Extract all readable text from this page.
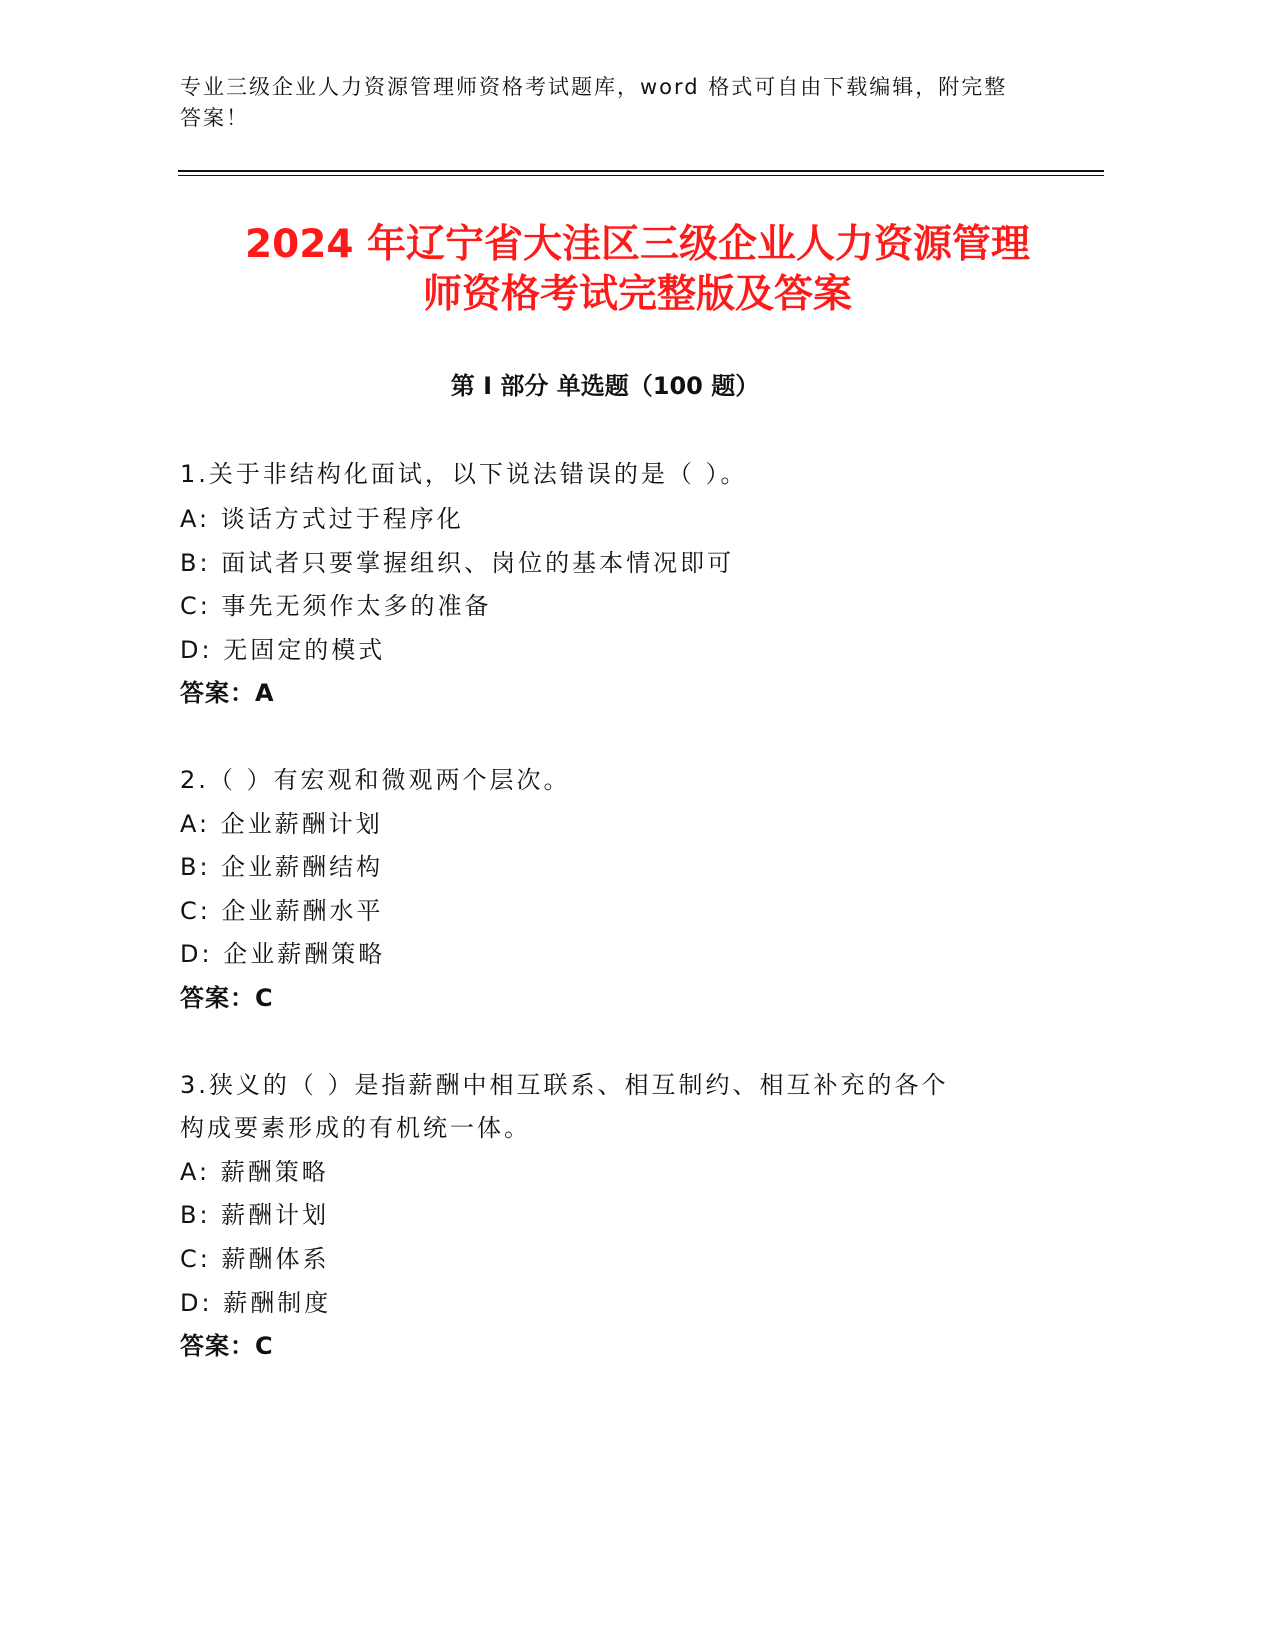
专业三级企业人力资源管理师资格考试题库，word 格式可自由下载编辑，附完整
答案！
2024 年辽宁省大洼区三级企业人力资源管理
师资格考试完整版及答案
第 I 部分 单选题（100 题）
1.关于非结构化面试，以下说法错误的是（ ）。
A: 谈话方式过于程序化
B: 面试者只要掌握组织、岗位的基本情况即可
C: 事先无须作太多的准备
D: 无固定的模式
答案：A
2.（ ）有宏观和微观两个层次。
A: 企业薪酬计划
B: 企业薪酬结构
C: 企业薪酬水平
D: 企业薪酬策略
答案：C
3.狭义的（ ）是指薪酬中相互联系、相互制约、相互补充的各个
构成要素形成的有机统一体。
A: 薪酬策略
B: 薪酬计划
C: 薪酬体系
D: 薪酬制度
答案：C
